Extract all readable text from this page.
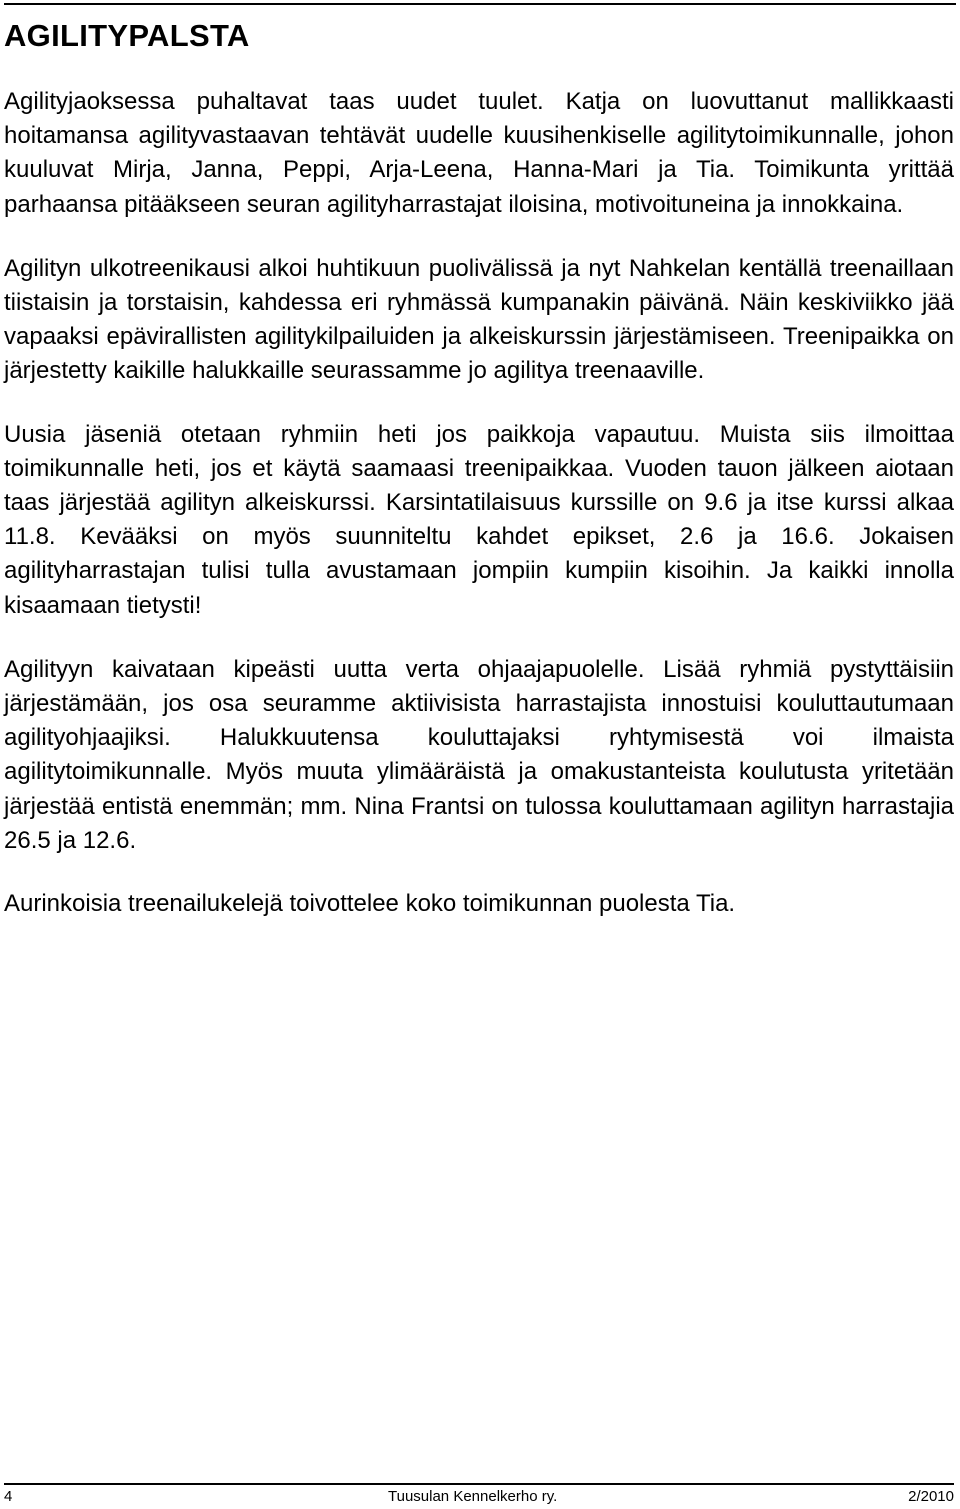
AGILITYPALSTA

Agilityjaoksessa puhaltavat taas uudet tuulet. Katja on luovuttanut mallikkaasti hoitamansa agilityvastaavan tehtävät uudelle kuusihenkiselle agilitytoimikunnalle, johon kuuluvat Mirja, Janna, Peppi, Arja-Leena, Hanna-Mari ja Tia. Toimikunta yrittää parhaansa pitääkseen seuran agilityharrastajat iloisina, motivoituneina ja innokkaina.

Agilityn ulkotreenikausi alkoi huhtikuun puolivälissä ja nyt Nahkelan kentällä treenaillaan tiistaisin ja torstaisin, kahdessa eri ryhmässä kumpanakin päivänä. Näin keskiviikko jää vapaaksi epävirallisten agilitykilpailuiden ja alkeiskurssin järjestämiseen. Treenipaikka on järjestetty kaikille halukkaille seurassamme jo agilitya treenaaville.

Uusia jäseniä otetaan ryhmiin heti jos paikkoja vapautuu. Muista siis ilmoittaa toimikunnalle heti, jos et käytä saamaasi treenipaikkaa. Vuoden tauon jälkeen aiotaan taas järjestää agilityn alkeiskurssi. Karsintatilaisuus kurssille on 9.6 ja itse kurssi alkaa 11.8. Kevääksi on myös suunniteltu kahdet epikset, 2.6 ja 16.6. Jokaisen agilityharrastajan tulisi tulla avustamaan jompiin kumpiin kisoihin. Ja kaikki innolla kisaamaan tietysti!

Agilityyn kaivataan kipeästi uutta verta ohjaajapuolelle. Lisää ryhmiä pystyttäisiin järjestämään, jos osa seuramme aktiivisista harrastajista innostuisi kouluttautumaan agilityohjaajiksi. Halukkuutensa kouluttajaksi ryhtymisestä voi ilmaista agilitytoimikunnalle. Myös muuta ylimääräistä ja omakustanteista koulutusta yritetään järjestää entistä enemmän; mm. Nina Frantsi on tulossa kouluttamaan agilityn harrastajia 26.5 ja 12.6.

Aurinkoisia treenailukelejä toivottelee koko toimikunnan puolesta Tia.

4	Tuusulan Kennelkerho ry.	2/2010
